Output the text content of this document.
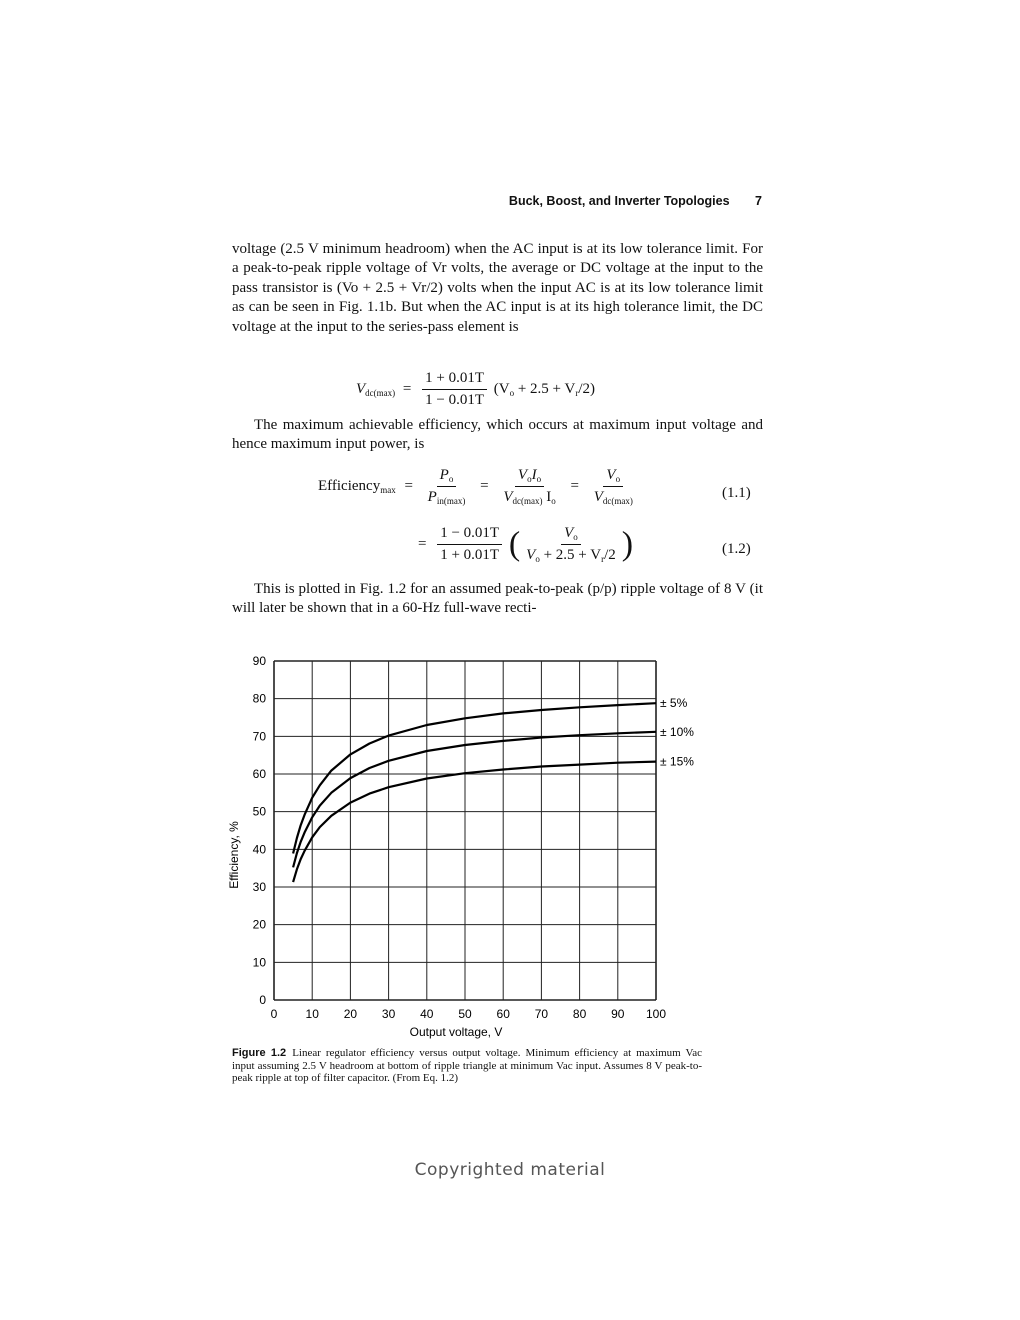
Buck, Boost, and Inverter Topologies 7
voltage (2.5 V minimum headroom) when the AC input is at its low tolerance limit. For a peak-to-peak ripple voltage of Vr volts, the average or DC voltage at the input to the pass transistor is (Vo + 2.5 + Vr/2) volts when the input AC is at its low tolerance limit as can be seen in Fig. 1.1b. But when the AC input is at its high tolerance limit, the DC voltage at the input to the series-pass element is
$V_{dc(max)} = \frac{1 + 0.01T}{1 - 0.01T} (V_o + 2.5 + V_r/2)$
The maximum achievable efficiency, which occurs at maximum input voltage and hence maximum input power, is
Efficiency$_{max}$ = $\frac{P_o}{P_{in(max)}} = \frac{V_oI_o}{V_{dc(max)} I_o} = \frac{V_o}{V_{dc(max)}}$	(1.1)
= $\frac{1 - 0.01T}{1 + 0.01T}$ ( $\frac{V_o}{V_o + 2.5 + V_r/2}$ )	(1.2)
This is plotted in Fig. 1.2 for an assumed peak-to-peak (p/p) ripple voltage of 8 V (it will later be shown that in a 60-Hz full-wave recti-
0 10 20 30 40 50 60 70 80 90 100
0
10
20
30
40
50
60
70
80
90
± 5%
± 10%
± 15%
Output voltage, V
Efficiency, %
Figure 1.2 Linear regulator efficiency versus output voltage. Minimum efficiency at maximum Vac input assuming 2.5 V headroom at bottom of ripple triangle at minimum Vac input. Assumes 8 V peak-to-peak ripple at top of filter capacitor. (From Eq. 1.2)
Copyrighted material
